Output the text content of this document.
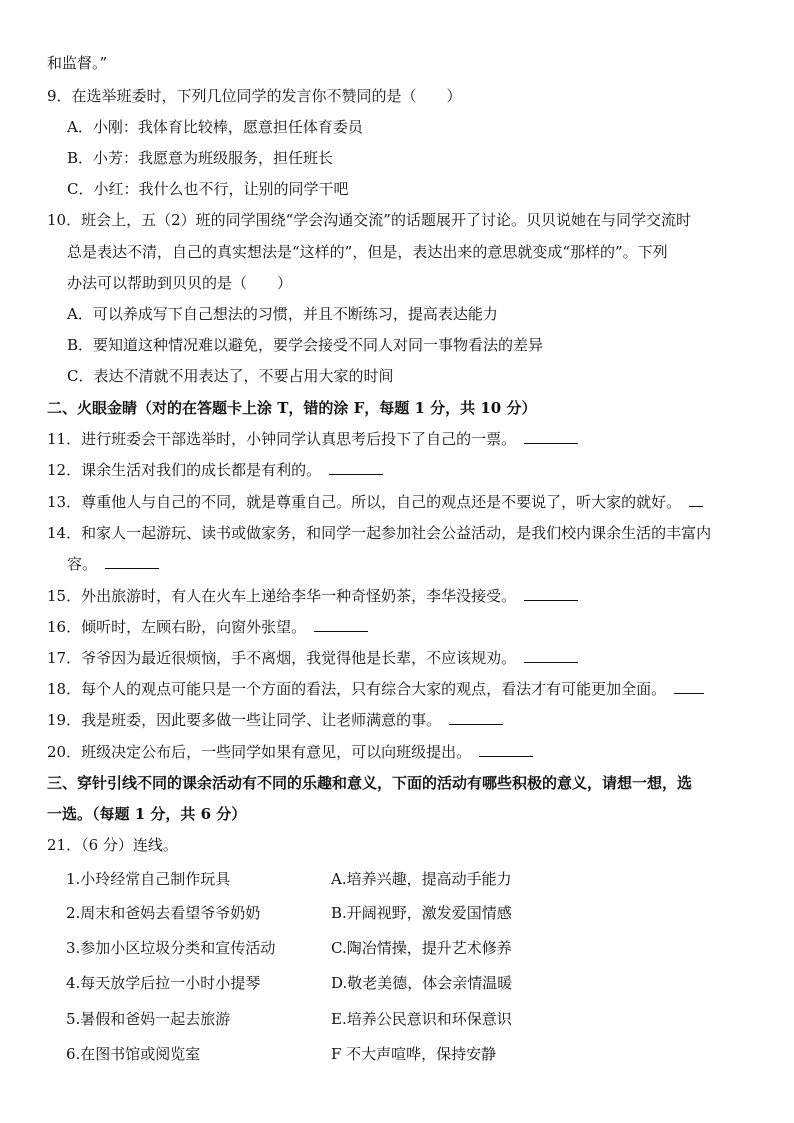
和监督。”
9．在选举班委时，下列几位同学的发言你不赞同的是（　　）
A．小刚：我体育比较棒，愿意担任体育委员
B．小芳：我愿意为班级服务，担任班长
C．小红：我什么也不行，让别的同学干吧
10．班会上，五（2）班的同学围绕“学会沟通交流”的话题展开了讨论。贝贝说她在与同学交流时
总是表达不清，自己的真实想法是“这样的”，但是，表达出来的意思就变成“那样的”。下列
办法可以帮助到贝贝的是（　　）
A．可以养成写下自己想法的习惯，并且不断练习，提高表达能力
B．要知道这种情况难以避免，要学会接受不同人对同一事物看法的差异
C．表达不清就不用表达了，不要占用大家的时间
二、火眼金睛（对的在答题卡上涂 T，错的涂 F，每题 1 分，共 10 分）
11．进行班委会干部选举时，小钟同学认真思考后投下了自己的一票。
12．课余生活对我们的成长都是有利的。
13．尊重他人与自己的不同，就是尊重自己。所以，自己的观点还是不要说了，听大家的就好。
14．和家人一起游玩、读书或做家务，和同学一起参加社会公益活动，是我们校内课余生活的丰富内
容。
15．外出旅游时，有人在火车上递给李华一种奇怪奶茶，李华没接受。
16．倾听时，左顾右盼，向窗外张望。
17．爷爷因为最近很烦恼，手不离烟，我觉得他是长辈，不应该规劝。
18．每个人的观点可能只是一个方面的看法，只有综合大家的观点，看法才有可能更加全面。
19．我是班委，因此要多做一些让同学、让老师满意的事。
20．班级决定公布后，一些同学如果有意见，可以向班级提出。
三、穿针引线不同的课余活动有不同的乐趣和意义，下面的活动有哪些积极的意义，请想一想，选
一选。（每题 1 分，共 6 分）
21．（6 分）连线。
1.小玲经常自己制作玩具	A.培养兴趣，提高动手能力
2.周末和爸妈去看望爷爷奶奶	B.开阔视野，激发爱国情感
3.参加小区垃圾分类和宣传活动	C.陶冶情操，提升艺术修养
4.每天放学后拉一小时小提琴	D.敬老美德，体会亲情温暖
5.暑假和爸妈一起去旅游	E.培养公民意识和环保意识
6.在图书馆或阅览室	F 不大声喧哗，保持安静
